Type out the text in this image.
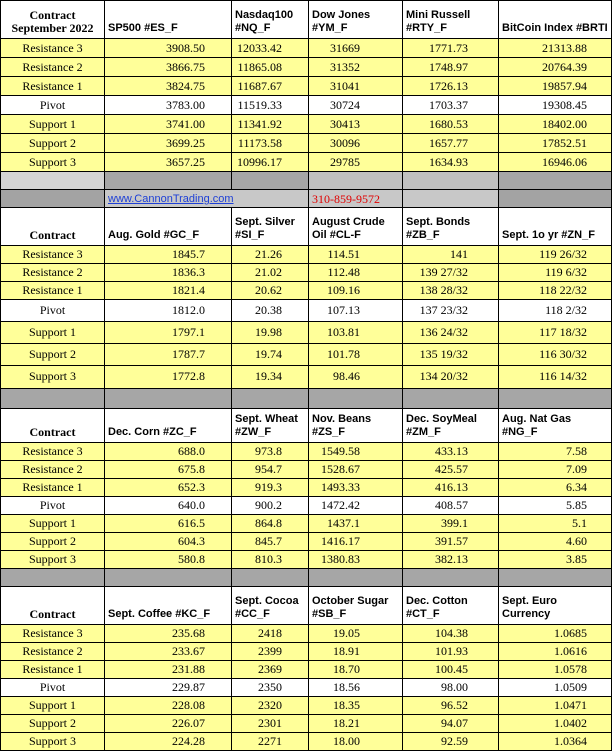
Contract September 2022	SP500 #ES_F	Nasdaq100 #NQ_F	Dow Jones #YM_F	Mini Russell #RTY_F	BitCoin Index #BRTI
Resistance 3	3908.50	12033.42	31669	1771.73	21313.88
Resistance 2	3866.75	11865.08	31352	1748.97	20764.39
Resistance 1	3824.75	11687.67	31041	1726.13	19857.94
Pivot	3783.00	11519.33	30724	1703.37	19308.45
Support 1	3741.00	11341.92	30413	1680.53	18402.00
Support 2	3699.25	11173.58	30096	1657.77	17852.51
Support 3	3657.25	10996.17	29785	1634.93	16946.06

	www.CannonTrading.com		310-859-9572		
Contract	Aug. Gold #GC_F	Sept. Silver #SI_F	August Crude Oil #CL-F	Sept. Bonds #ZB_F	Sept. 1o yr #ZN_F
Resistance 3	1845.7	21.26	114.51	141	119 26/32
Resistance 2	1836.3	21.02	112.48	139 27/32	119 6/32
Resistance 1	1821.4	20.62	109.16	138 28/32	118 22/32
Pivot	1812.0	20.38	107.13	137 23/32	118 2/32
Support 1	1797.1	19.98	103.81	136 24/32	117 18/32
Support 2	1787.7	19.74	101.78	135 19/32	116 30/32
Support 3	1772.8	19.34	98.46	134 20/32	116 14/32

Contract	Dec. Corn #ZC_F	Sept. Wheat #ZW_F	Nov. Beans #ZS_F	Dec. SoyMeal #ZM_F	Aug. Nat Gas #NG_F
Resistance 3	688.0	973.8	1549.58	433.13	7.58
Resistance 2	675.8	954.7	1528.67	425.57	7.09
Resistance 1	652.3	919.3	1493.33	416.13	6.34
Pivot	640.0	900.2	1472.42	408.57	5.85
Support 1	616.5	864.8	1437.1	399.1	5.1
Support 2	604.3	845.7	1416.17	391.57	4.60
Support 3	580.8	810.3	1380.83	382.13	3.85

Contract	Sept. Coffee #KC_F	Sept. Cocoa #CC_F	October Sugar #SB_F	Dec. Cotton #CT_F	Sept. Euro Currency
Resistance 3	235.68	2418	19.05	104.38	1.0685
Resistance 2	233.67	2399	18.91	101.93	1.0616
Resistance 1	231.88	2369	18.70	100.45	1.0578
Pivot	229.87	2350	18.56	98.00	1.0509
Support 1	228.08	2320	18.35	96.52	1.0471
Support 2	226.07	2301	18.21	94.07	1.0402
Support 3	224.28	2271	18.00	92.59	1.0364
